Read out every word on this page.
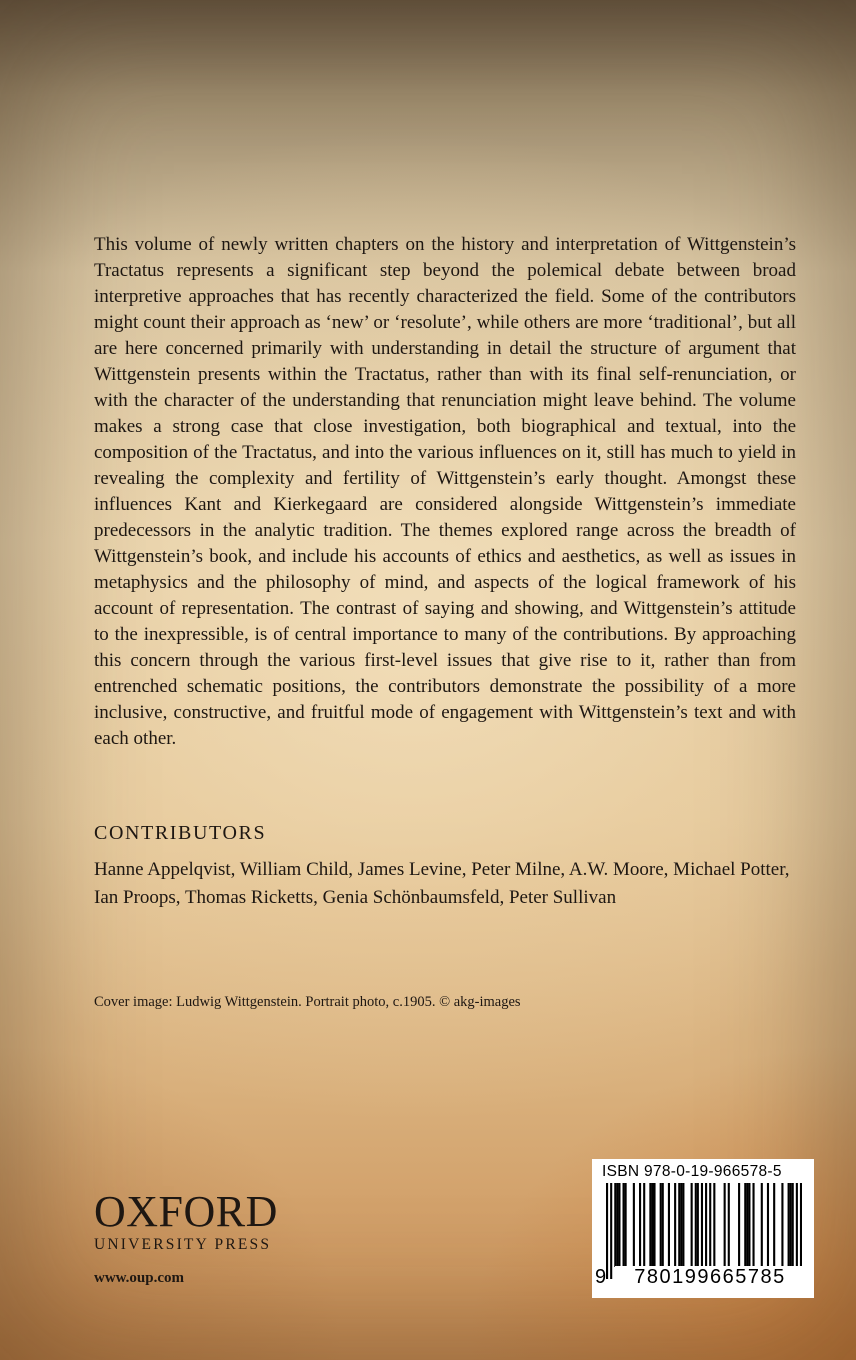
This volume of newly written chapters on the history and interpretation of Wittgenstein’s Tractatus represents a significant step beyond the polemical debate between broad interpretive approaches that has recently characterized the field. Some of the contributors might count their approach as ‘new’ or ‘resolute’, while others are more ‘traditional’, but all are here concerned primarily with understanding in detail the structure of argument that Wittgenstein presents within the Tractatus, rather than with its final self-renunciation, or with the character of the understanding that renunciation might leave behind. The volume makes a strong case that close investigation, both biographical and textual, into the composition of the Tractatus, and into the various influences on it, still has much to yield in revealing the complexity and fertility of Wittgenstein’s early thought. Amongst these influences Kant and Kierkegaard are considered alongside Wittgenstein’s immediate predecessors in the analytic tradition. The themes explored range across the breadth of Wittgenstein’s book, and include his accounts of ethics and aesthetics, as well as issues in metaphysics and the philosophy of mind, and aspects of the logical framework of his account of representation. The contrast of saying and showing, and Wittgenstein’s attitude to the inexpressible, is of central importance to many of the contributions. By approaching this concern through the various first-level issues that give rise to it, rather than from entrenched schematic positions, the contributors demonstrate the possibility of a more inclusive, constructive, and fruitful mode of engagement with Wittgenstein’s text and with each other.

CONTRIBUTORS

Hanne Appelqvist, William Child, James Levine, Peter Milne, A.W. Moore, Michael Potter, Ian Proops, Thomas Ricketts, Genia Schönbaumsfeld, Peter Sullivan

Cover image: Ludwig Wittgenstein. Portrait photo, c.1905. © akg-images

OXFORD
UNIVERSITY PRESS

www.oup.com

ISBN 978-0-19-966578-5
9	780199665785
